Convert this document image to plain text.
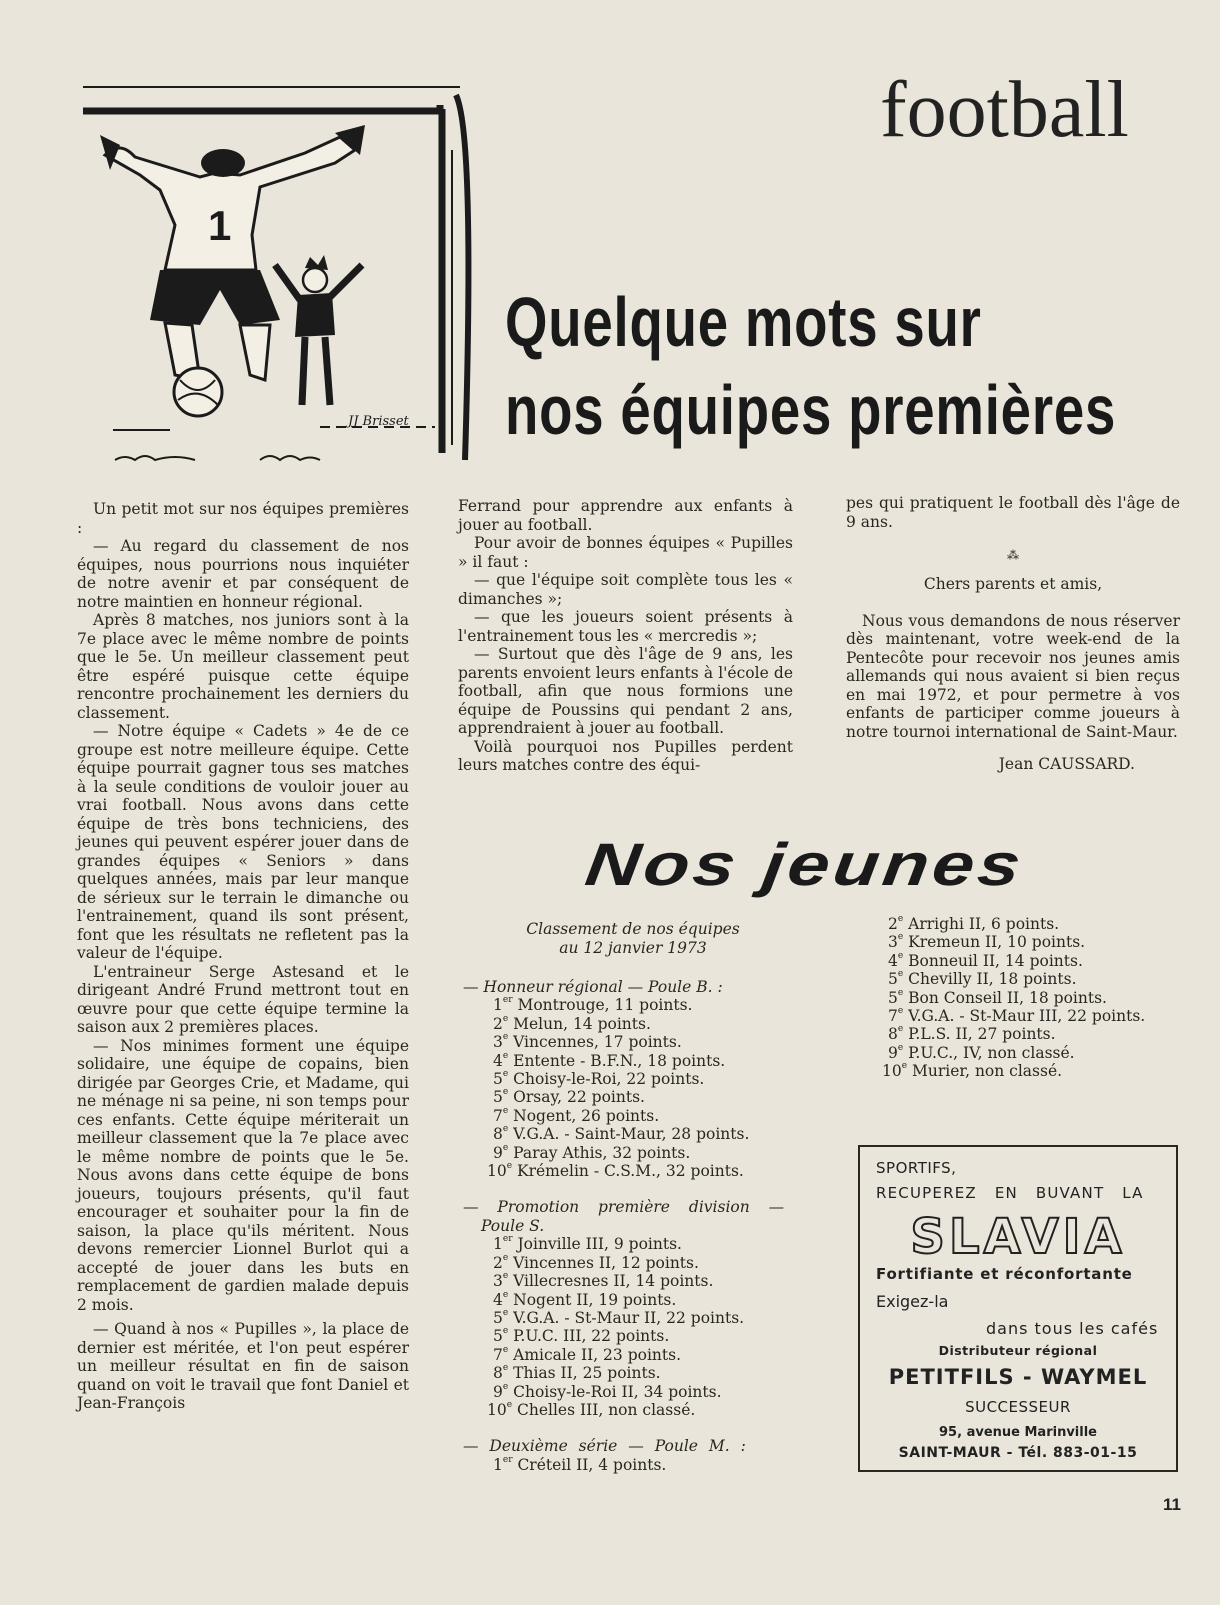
1
JJ Brisset
football
Quelque mots sur
nos équipes premières

Un petit mot sur nos équipes premières :

— Au regard du classement de nos équipes, nous pourrions nous inquiéter de notre avenir et par conséquent de notre maintien en honneur régional.

Après 8 matches, nos juniors sont à la 7e place avec le même nombre de points que le 5e. Un meilleur classement peut être espéré puisque cette équipe rencontre prochainement les derniers du classement.

— Notre équipe « Cadets » 4e de ce groupe est notre meilleure équipe. Cette équipe pourrait gagner tous ses matches à la seule conditions de vouloir jouer au vrai football. Nous avons dans cette équipe de très bons techniciens, des jeunes qui peuvent espérer jouer dans de grandes équipes « Seniors » dans quelques années, mais par leur manque de sérieux sur le terrain le dimanche ou l'entrainement, quand ils sont présent, font que les résultats ne refletent pas la valeur de l'équipe.

L'entraineur Serge Astesand et le dirigeant André Frund mettront tout en œuvre pour que cette équipe termine la saison aux 2 premières places.

— Nos minimes forment une équipe solidaire, une équipe de copains, bien dirigée par Georges Crie, et Madame, qui ne ménage ni sa peine, ni son temps pour ces enfants. Cette équipe mériterait un meilleur classement que la 7e place avec le même nombre de points que le 5e. Nous avons dans cette équipe de bons joueurs, toujours présents, qu'il faut encourager et souhaiter pour la fin de saison, la place qu'ils méritent. Nous devons remercier Lionnel Burlot qui a accepté de jouer dans les buts en remplacement de gardien malade depuis 2 mois.

— Quand à nos « Pupilles », la place de dernier est méritée, et l'on peut espérer un meilleur résultat en fin de saison quand on voit le travail que font Daniel et Jean-François

Ferrand pour apprendre aux enfants à jouer au football.

Pour avoir de bonnes équipes « Pupilles » il faut :

— que l'équipe soit complète tous les « dimanches »;

— que les joueurs soient présents à l'entrainement tous les « mercredis »;

— Surtout que dès l'âge de 9 ans, les parents envoient leurs enfants à l'école de football, afin que nous formions une équipe de Poussins qui pendant 2 ans, apprendraient à jouer au football.

Voilà pourquoi nos Pupilles perdent leurs matches contre des équi-

pes qui pratiquent le football dès l'âge de 9 ans.

⁂

Chers parents et amis,

Nous vous demandons de nous réserver dès maintenant, votre week-end de la Pentecôte pour recevoir nos jeunes amis allemands qui nous avaient si bien reçus en mai 1972, et pour permetre à vos enfants de participer comme joueurs à notre tournoi international de Saint-Maur.

Jean CAUSSARD.

Nos jeunes
Classement de nos équipes
au 12 janvier 1973
— Honneur régional — Poule B. :
1er Montrouge, 11 points.
2e Melun, 14 points.
3e Vincennes, 17 points.
4e Entente - B.F.N., 18 points.
5e Choisy-le-Roi, 22 points.
5e Orsay, 22 points.
7e Nogent, 26 points.
8e V.G.A. - Saint-Maur, 28 points.
9e Paray Athis, 32 points.
10e Krémelin - C.S.M., 32 points.
— Promotion première division —
Poule S.
1er Joinville III, 9 points.
2e Vincennes II, 12 points.
3e Villecresnes II, 14 points.
4e Nogent II, 19 points.
5e V.G.A. - St-Maur II, 22 points.
5e P.U.C. III, 22 points.
7e Amicale II, 23 points.
8e Thias II, 25 points.
9e Choisy-le-Roi II, 34 points.
10e Chelles III, non classé.
— Deuxième série — Poule M. :
1er Créteil II, 4 points.
2e Arrighi II, 6 points.
3e Kremeun II, 10 points.
4e Bonneuil II, 14 points.
5e Chevilly II, 18 points.
5e Bon Conseil II, 18 points.
7e V.G.A. - St-Maur III, 22 points.
8e P.L.S. II, 27 points.
9e P.U.C., IV, non classé.
10e Murier, non classé.
SPORTIFS,
RECUPEREZ EN BUVANT LA
SLAVIA
Fortifiante et réconfortante
Exigez-la
dans tous les cafés
Distributeur régional
PETITFILS - WAYMEL
SUCCESSEUR
95, avenue Marinville
SAINT-MAUR - Tél. 883-01-15
11
